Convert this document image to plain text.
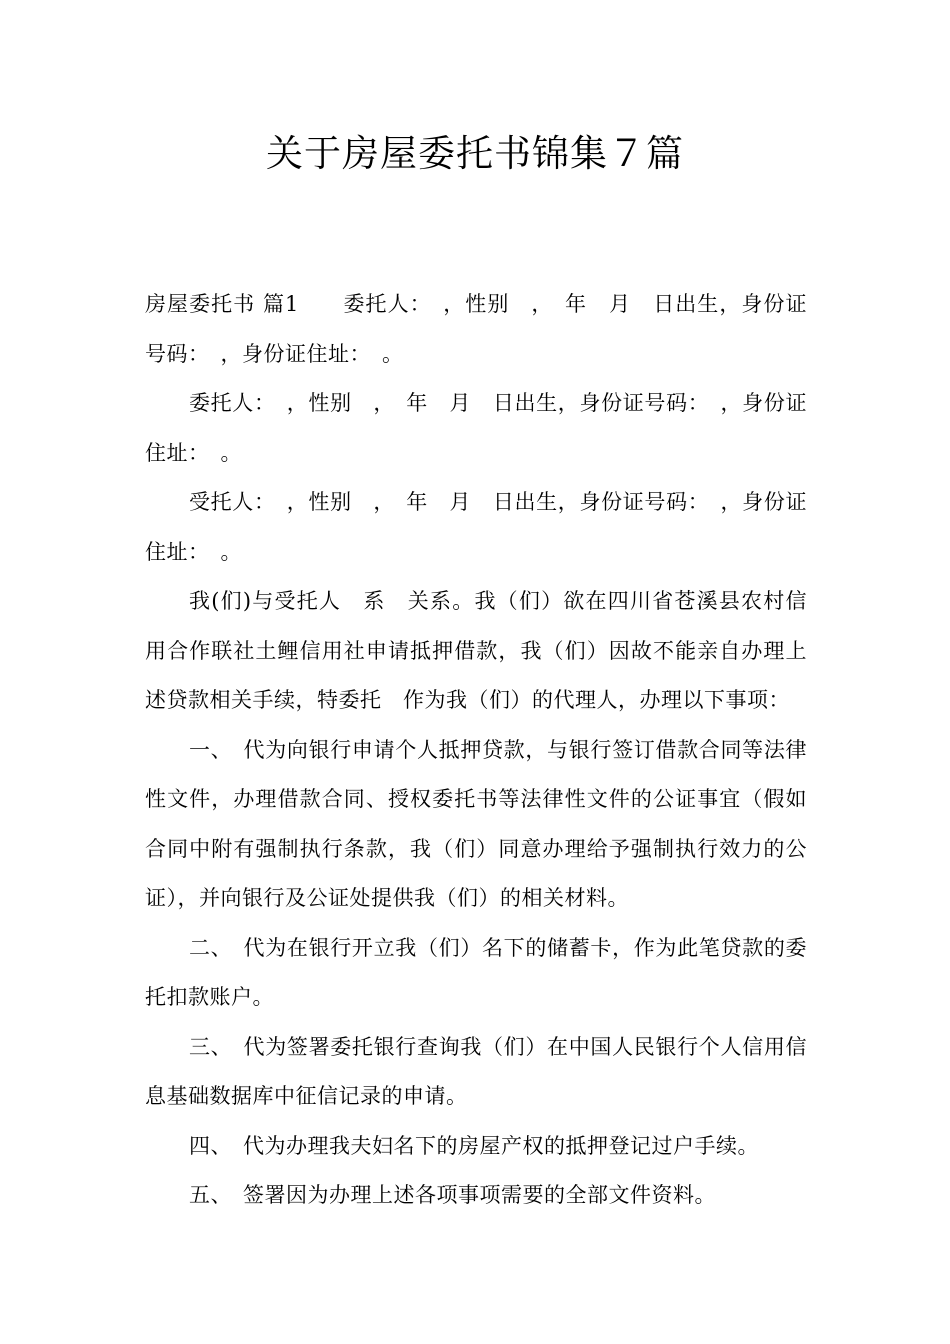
关于房屋委托书锦集７篇

房屋委托书 篇1　　委托人：　，性别　，　年　月　日出生，身份证号码：　，身份证住址：　。

委托人：　，性别　，　年　月　日出生，身份证号码：　，身份证住址：　。

受托人：　，性别　，　年　月　日出生，身份证号码：　，身份证住址：　。

我(们)与受托人　系　关系。我（们）欲在四川省苍溪县农村信用合作联社土鲤信用社申请抵押借款，我（们）因故不能亲自办理上述贷款相关手续，特委托　作为我（们）的代理人，办理以下事项：

一、　代为向银行申请个人抵押贷款，与银行签订借款合同等法律性文件，办理借款合同、授权委托书等法律性文件的公证事宜（假如合同中附有强制执行条款，我（们）同意办理给予强制执行效力的公证），并向银行及公证处提供我（们）的相关材料。

二、　代为在银行开立我（们）名下的储蓄卡，作为此笔贷款的委托扣款账户。

三、　代为签署委托银行查询我（们）在中国人民银行个人信用信息基础数据库中征信记录的申请。

四、　代为办理我夫妇名下的房屋产权的抵押登记过户手续。

五、　签署因为办理上述各项事项需要的全部文件资料。
